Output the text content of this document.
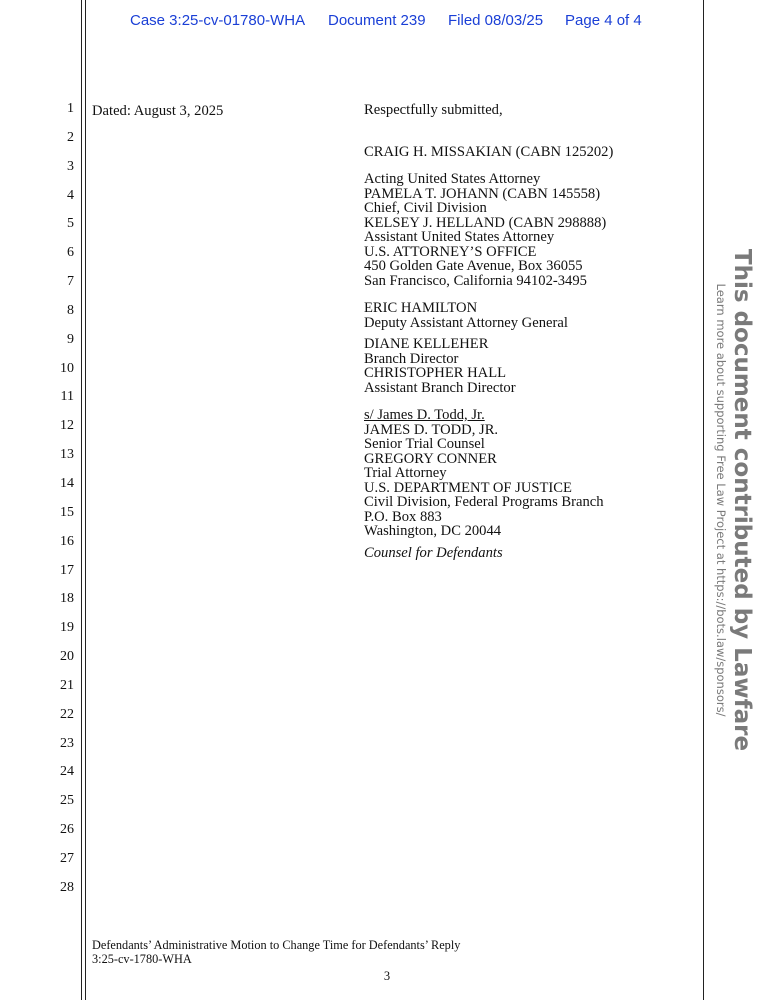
Case 3:25-cv-01780-WHA Document 239 Filed 08/03/25 Page 4 of 4
1
2
3
4
5
6
7
8
9
10
11
12
13
14
15
16
17
18
19
20
21
22
23
24
25
26
27
28
Dated: August 3, 2025	Respectfully submitted,
CRAIG H. MISSAKIAN (CABN 125202)
Acting United States Attorney
PAMELA T. JOHANN (CABN 145558)
Chief, Civil Division
KELSEY J. HELLAND (CABN 298888)
Assistant United States Attorney
U.S. ATTORNEY’S OFFICE
450 Golden Gate Avenue, Box 36055
San Francisco, California 94102-3495
ERIC HAMILTON
Deputy Assistant Attorney General
DIANE KELLEHER
Branch Director
CHRISTOPHER HALL
Assistant Branch Director
s/ James D. Todd, Jr.
JAMES D. TODD, JR.
Senior Trial Counsel
GREGORY CONNER
Trial Attorney
U.S. DEPARTMENT OF JUSTICE
Civil Division, Federal Programs Branch
P.O. Box 883
Washington, DC 20044
Counsel for Defendants
Defendants’ Administrative Motion to Change Time for Defendants’ Reply
3:25-cv-1780-WHA
3
This document contributed by Lawfare
Learn more about supporting Free Law Project at https://bots.law/sponsors/
